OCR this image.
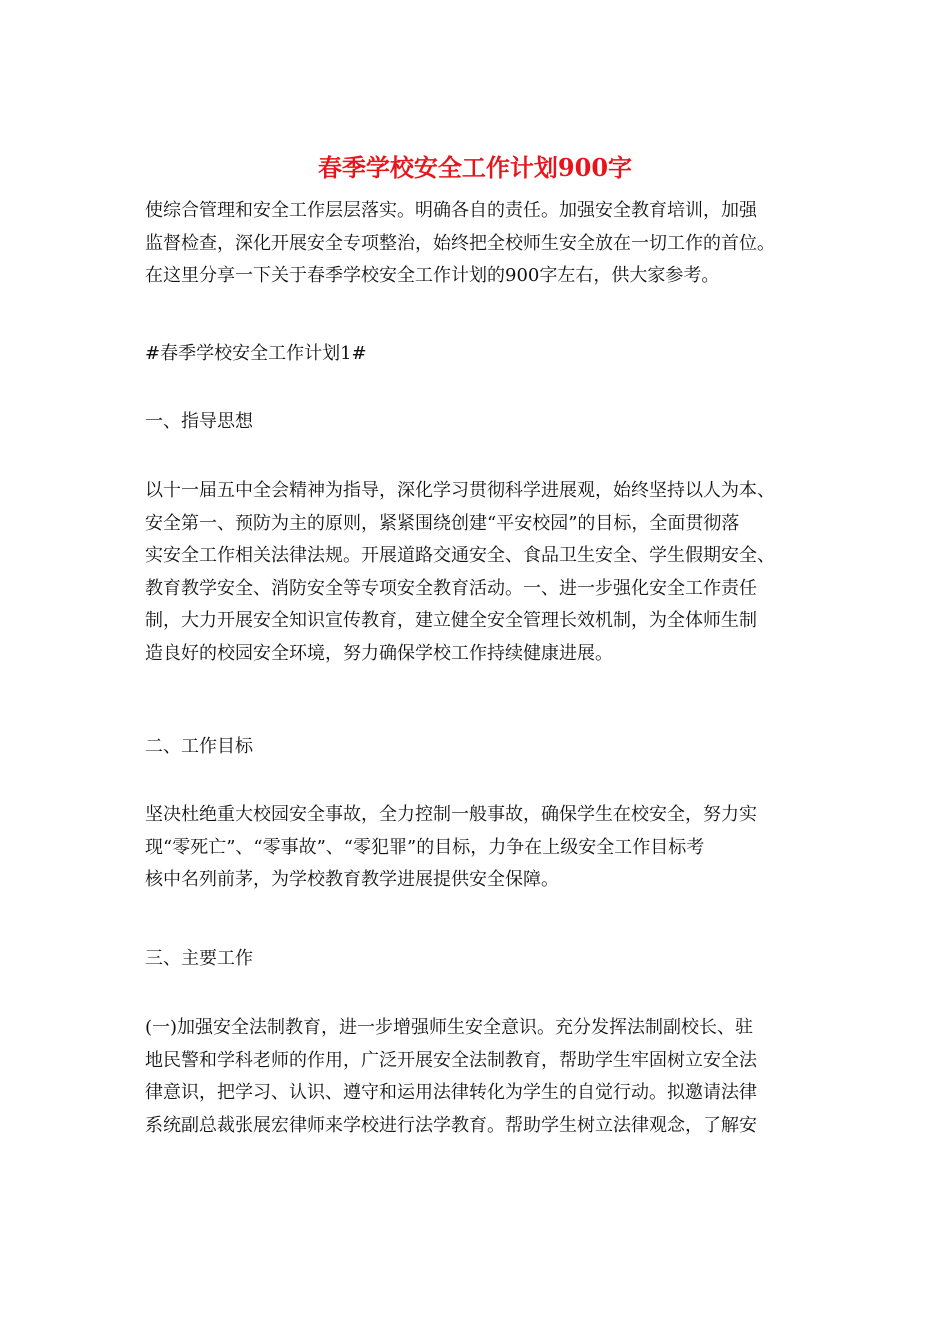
春季学校安全工作计划900字
使综合管理和安全工作层层落实。明确各自的责任。加强安全教育培训，加强
监督检查，深化开展安全专项整治，始终把全校师生安全放在一切工作的首位。
在这里分享一下关于春季学校安全工作计划的900字左右，供大家参考。
#春季学校安全工作计划1#
一、指导思想
以十一届五中全会精神为指导，深化学习贯彻科学进展观，始终坚持以人为本、
安全第一、预防为主的原则，紧紧围绕创建“平安校园”的目标，全面贯彻落
实安全工作相关法律法规。开展道路交通安全、食品卫生安全、学生假期安全、
教育教学安全、消防安全等专项安全教育活动。一、进一步强化安全工作责任
制，大力开展安全知识宣传教育，建立健全安全管理长效机制，为全体师生制
造良好的校园安全环境，努力确保学校工作持续健康进展。
二、工作目标
坚决杜绝重大校园安全事故，全力控制一般事故，确保学生在校安全，努力实
现“零死亡”、“零事故”、“零犯罪”的目标，力争在上级安全工作目标考
核中名列前茅，为学校教育教学进展提供安全保障。
三、主要工作
(一)加强安全法制教育，进一步增强师生安全意识。充分发挥法制副校长、驻
地民警和学科老师的作用，广泛开展安全法制教育，帮助学生牢固树立安全法
律意识，把学习、认识、遵守和运用法律转化为学生的自觉行动。拟邀请法律
系统副总裁张展宏律师来学校进行法学教育。帮助学生树立法律观念，了解安
